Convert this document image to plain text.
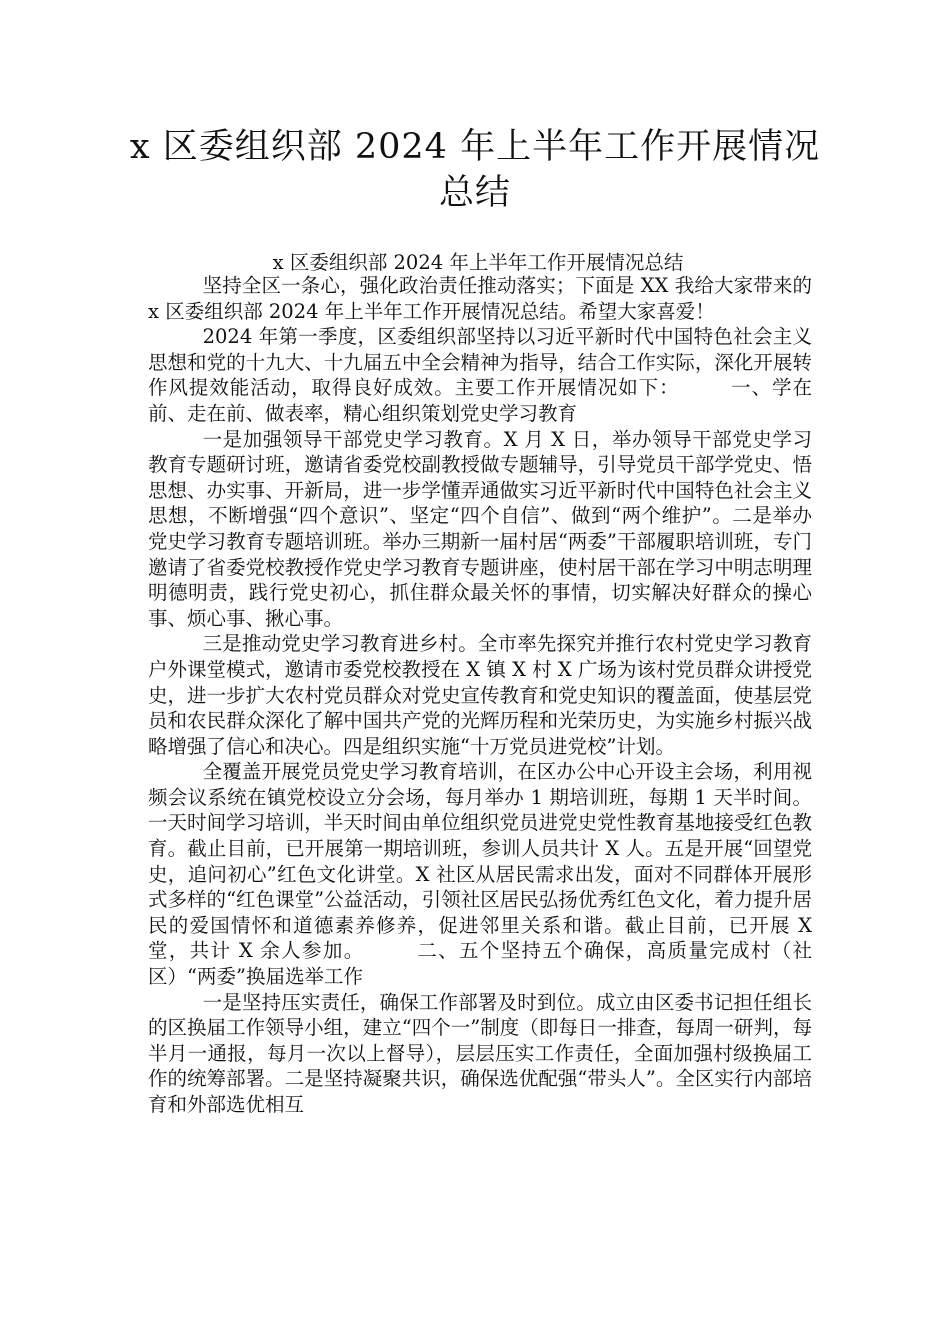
x 区委组织部 2024 年上半年工作开展情况
总结
x 区委组织部 2024 年上半年工作开展情况总结

坚持全区一条心，强化政治责任推动落实；下面是 XX 我给大家带来的 x 区委组织部 2024 年上半年工作开展情况总结。希望大家喜爱！

2024 年第一季度，区委组织部坚持以习近平新时代中国特色社会主义思想和党的十九大、十九届五中全会精神为指导，结合工作实际，深化开展转作风提效能活动，取得良好成效。主要工作开展情况如下：　　　一、学在前、走在前、做表率，精心组织策划党史学习教育

一是加强领导干部党史学习教育。X 月 X 日，举办领导干部党史学习教育专题研讨班，邀请省委党校副教授做专题辅导，引导党员干部学党史、悟思想、办实事、开新局，进一步学懂弄通做实习近平新时代中国特色社会主义思想，不断增强“四个意识”、坚定“四个自信”、做到“两个维护”。二是举办党史学习教育专题培训班。举办三期新一届村居“两委”干部履职培训班，专门邀请了省委党校教授作党史学习教育专题讲座，使村居干部在学习中明志明理明德明责，践行党史初心，抓住群众最关怀的事情，切实解决好群众的操心事、烦心事、揪心事。

三是推动党史学习教育进乡村。全市率先探究并推行农村党史学习教育户外课堂模式，邀请市委党校教授在 X 镇 X 村 X 广场为该村党员群众讲授党史，进一步扩大农村党员群众对党史宣传教育和党史知识的覆盖面，使基层党员和农民群众深化了解中国共产党的光辉历程和光荣历史，为实施乡村振兴战略增强了信心和决心。四是组织实施“十万党员进党校”计划。

全覆盖开展党员党史学习教育培训，在区办公中心开设主会场，利用视频会议系统在镇党校设立分会场，每月举办 1 期培训班，每期 1 天半时间。一天时间学习培训，半天时间由单位组织党员进党史党性教育基地接受红色教育。截止目前，已开展第一期培训班，参训人员共计 X 人。五是开展“回望党史，追问初心”红色文化讲堂。X 社区从居民需求出发，面对不同群体开展形式多样的“红色课堂”公益活动，引领社区居民弘扬优秀红色文化，着力提升居民的爱国情怀和道德素养修养，促进邻里关系和谐。截止目前，已开展 X 堂，共计 X 余人参加。　　　二、五个坚持五个确保，高质量完成村（社区）“两委”换届选举工作

一是坚持压实责任，确保工作部署及时到位。成立由区委书记担任组长的区换届工作领导小组，建立“四个一”制度（即每日一排查，每周一研判，每半月一通报，每月一次以上督导），层层压实工作责任，全面加强村级换届工作的统筹部署。二是坚持凝聚共识，确保选优配强“带头人”。全区实行内部培育和外部选优相互
